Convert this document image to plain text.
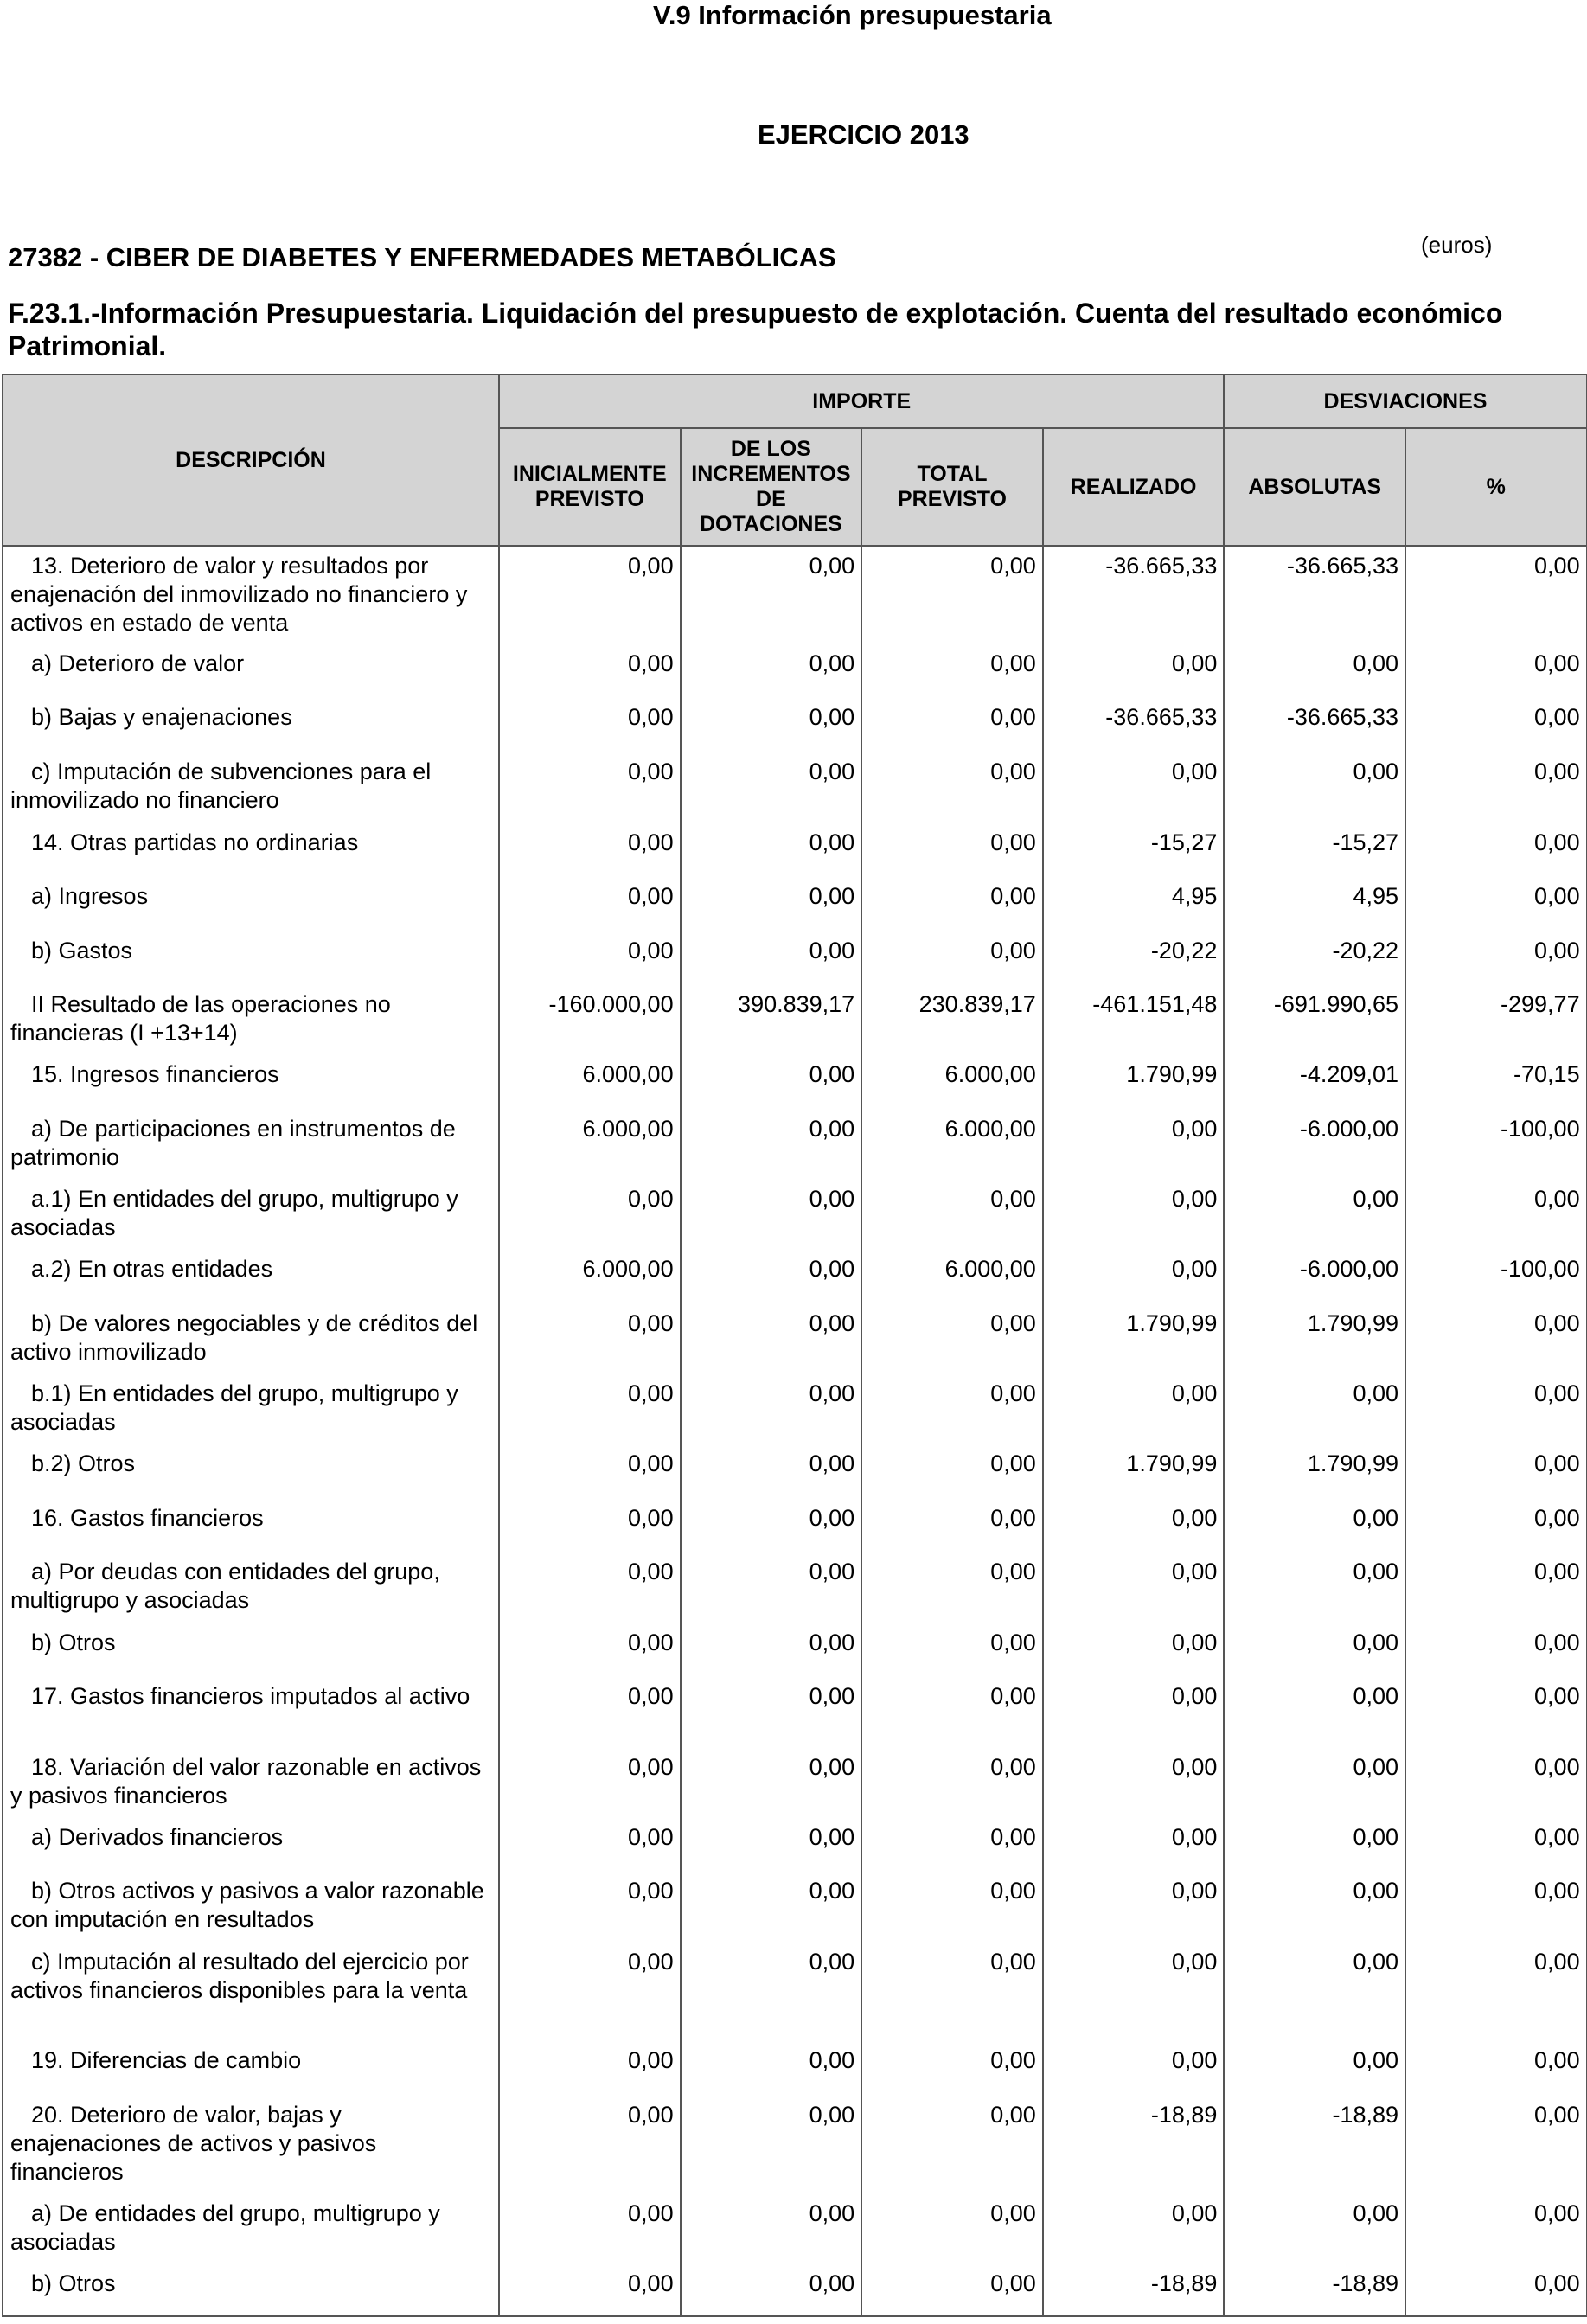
V.9 Información presupuestaria
EJERCICIO 2013
27382 - CIBER DE DIABETES Y ENFERMEDADES METABÓLICAS	(euros)
F.23.1.-Información Presupuestaria. Liquidación del presupuesto de explotación. Cuenta del resultado económico Patrimonial.
DESCRIPCIÓN	IMPORTE				DESVIACIONES	
	INICIALMENTE PREVISTO	DE LOS INCREMENTOS DE DOTACIONES	TOTAL PREVISTO	REALIZADO	ABSOLUTAS	%

13. Deterioro de valor y resultados por enajenación del inmovilizado no financiero y activos en estado de venta	0,00	0,00	0,00	-36.665,33	-36.665,33	0,00

a) Deterioro de valor	0,00	0,00	0,00	0,00	0,00	0,00

b) Bajas y enajenaciones	0,00	0,00	0,00	-36.665,33	-36.665,33	0,00

c) Imputación de subvenciones para el inmovilizado no financiero	0,00	0,00	0,00	0,00	0,00	0,00

14. Otras partidas no ordinarias	0,00	0,00	0,00	-15,27	-15,27	0,00

a) Ingresos	0,00	0,00	0,00	4,95	4,95	0,00

b) Gastos	0,00	0,00	0,00	-20,22	-20,22	0,00

II Resultado de las operaciones no financieras (I +13+14)	-160.000,00	390.839,17	230.839,17	-461.151,48	-691.990,65	-299,77

15. Ingresos financieros	6.000,00	0,00	6.000,00	1.790,99	-4.209,01	-70,15

a) De participaciones en instrumentos de patrimonio	6.000,00	0,00	6.000,00	0,00	-6.000,00	-100,00

a.1) En entidades del grupo, multigrupo y asociadas	0,00	0,00	0,00	0,00	0,00	0,00

a.2) En otras entidades	6.000,00	0,00	6.000,00	0,00	-6.000,00	-100,00

b) De valores negociables y de créditos del activo inmovilizado	0,00	0,00	0,00	1.790,99	1.790,99	0,00

b.1) En entidades del grupo, multigrupo y asociadas	0,00	0,00	0,00	0,00	0,00	0,00

b.2) Otros	0,00	0,00	0,00	1.790,99	1.790,99	0,00

16. Gastos financieros	0,00	0,00	0,00	0,00	0,00	0,00

a) Por deudas con entidades del grupo, multigrupo y asociadas	0,00	0,00	0,00	0,00	0,00	0,00

b) Otros	0,00	0,00	0,00	0,00	0,00	0,00

17. Gastos financieros imputados al activo	0,00	0,00	0,00	0,00	0,00	0,00

18. Variación del valor razonable en activos y pasivos financieros	0,00	0,00	0,00	0,00	0,00	0,00

a) Derivados financieros	0,00	0,00	0,00	0,00	0,00	0,00

b) Otros activos y pasivos a valor razonable con imputación en resultados	0,00	0,00	0,00	0,00	0,00	0,00

c) Imputación al resultado del ejercicio por activos financieros disponibles para la venta	0,00	0,00	0,00	0,00	0,00	0,00

19. Diferencias de cambio	0,00	0,00	0,00	0,00	0,00	0,00

20. Deterioro de valor, bajas y enajenaciones de activos y pasivos financieros	0,00	0,00	0,00	-18,89	-18,89	0,00

a) De entidades del grupo, multigrupo y asociadas	0,00	0,00	0,00	0,00	0,00	0,00

b) Otros	0,00	0,00	0,00	-18,89	-18,89	0,00
